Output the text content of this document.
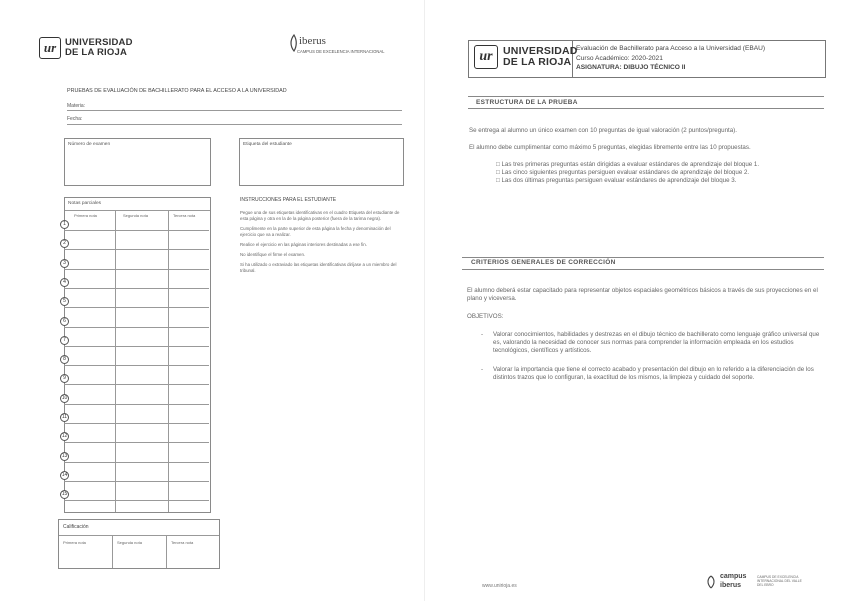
ur UNIVERSIDAD
DE LA RIOJA
iberus
CAMPUS DE EXCELENCIA INTERNACIONAL
PRUEBAS DE EVALUACIÓN DE BACHILLERATO PARA EL ACCESO A LA UNIVERSIDAD
Materia:
Fecha:
Número de examen	Etiqueta del estudiante
Notas parciales
Primera nota	Segunda nota	Tercera nota
1
2
3
4
5
6
7
8
9
10
11
12
13
14
15
INSTRUCCIONES PARA EL ESTUDIANTE

Pegue una de sus etiquetas identificativas en el cuadro Etiqueta del estudiante de esta página y otra en la de la página posterior (fuera de la tarima negra).

Cumplimente en la parte superior de esta página la fecha y denominación del ejercicio que va a realizar.

Realice el ejercicio en las páginas interiores destinadas a ese fin.

No identifique el firme el examen.

Si ha utilizado o extraviado las etiquetas identificativas diríjase a un miembro del tribunal.

Calificación
Primera nota	Segunda nota	Tercera nota
ur UNIVERSIDAD
DE LA RIOJA
Evaluación de Bachillerato para Acceso a la Universidad (EBAU)
Curso Académico: 2020-2021
ASIGNATURA: DIBUJO TÉCNICO II
ESTRUCTURA DE LA PRUEBA
Se entrega al alumno un único examen con 10 preguntas de igual valoración (2 puntos/pregunta).
El alumno debe cumplimentar como máximo 5 preguntas, elegidas libremente entre las 10 propuestas.
□ Las tres primeras preguntas están dirigidas a evaluar estándares de aprendizaje del bloque 1.
□ Las cinco siguientes preguntas persiguen evaluar estándares de aprendizaje del bloque 2.
□ Las dos últimas preguntas persiguen evaluar estándares de aprendizaje del bloque 3.
CRITERIOS GENERALES DE CORRECCIÓN
El alumno deberá estar capacitado para representar objetos espaciales geométricos básicos a través de sus proyecciones en el plano y viceversa.
OBJETIVOS:
- Valorar conocimientos, habilidades y destrezas en el dibujo técnico de bachillerato como lenguaje gráfico universal que es, valorando la necesidad de conocer sus normas para comprender la información empleada en los estudios tecnológicos, científicos y artísticos.
- Valorar la importancia que tiene el correcto acabado y presentación del dibujo en lo referido a la diferenciación de los distintos trazos que lo configuran, la exactitud de los mismos, la limpieza y cuidado del soporte.
www.unirioja.es
campus
iberus
CAMPUS DE EXCELENCIA INTERNACIONAL DEL VALLE DEL EBRO
